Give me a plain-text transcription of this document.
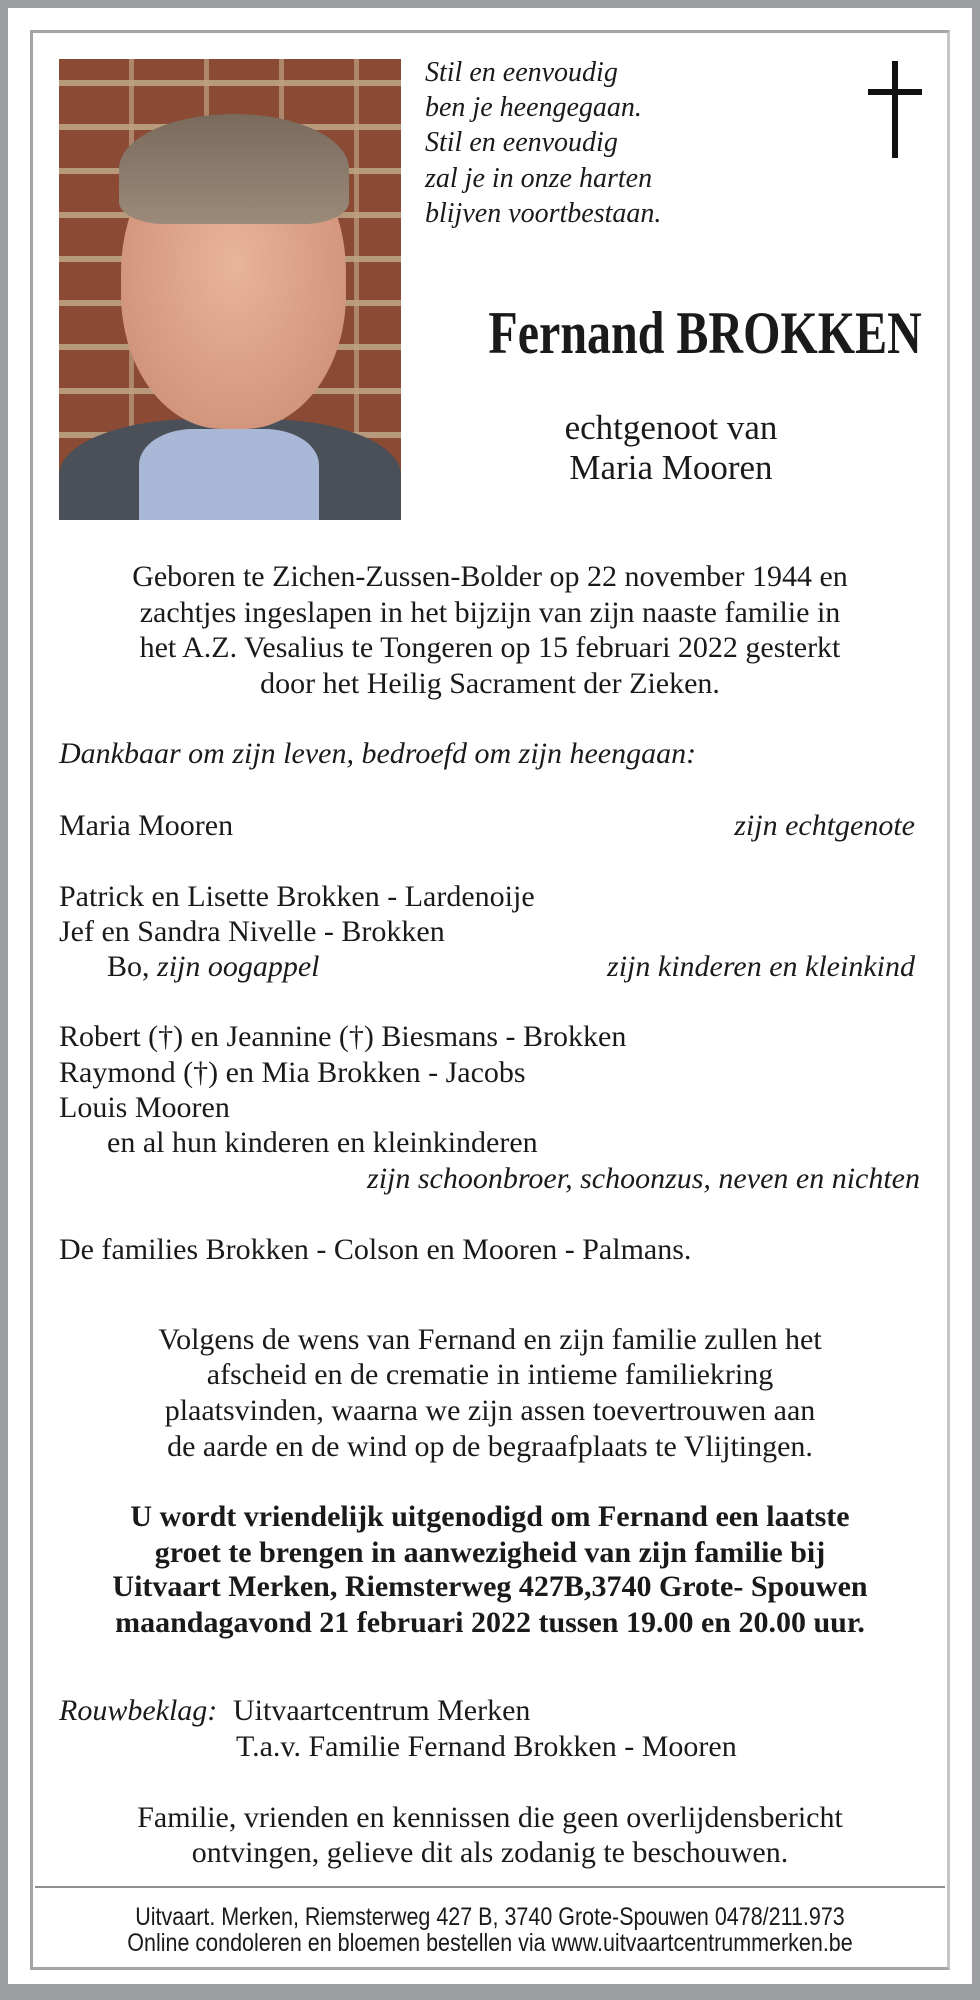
Stil en eenvoudig
ben je heengegaan.
Stil en eenvoudig
zal je in onze harten
blijven voortbestaan.
Fernand BROKKEN
echtgenoot van
Maria Mooren
Geboren te Zichen-Zussen-Bolder op 22 november 1944 en
zachtjes ingeslapen in het bijzijn van zijn naaste familie in
het A.Z. Vesalius te Tongeren op 15 februari 2022 gesterkt
door het Heilig Sacrament der Zieken.
Dankbaar om zijn leven, bedroefd om zijn heengaan:
Maria Mooren	zijn echtgenote
Patrick en Lisette Brokken - Lardenoije
Jef en Sandra Nivelle - Brokken
Bo, zijn oogappel	zijn kinderen en kleinkind
Robert (†) en Jeannine (†) Biesmans - Brokken
Raymond (†) en Mia Brokken - Jacobs
Louis Mooren
en al hun kinderen en kleinkinderen
zijn schoonbroer, schoonzus, neven en nichten
De families Brokken - Colson en Mooren - Palmans.
Volgens de wens van Fernand en zijn familie zullen het
afscheid en de crematie in intieme familiekring
plaatsvinden, waarna we zijn assen toevertrouwen aan
de aarde en de wind op de begraafplaats te Vlijtingen.
U wordt vriendelijk uitgenodigd om Fernand een laatste
groet te brengen in aanwezigheid van zijn familie bij
Uitvaart Merken, Riemsterweg 427B,3740 Grote- Spouwen
maandagavond 21 februari 2022 tussen 19.00 en 20.00 uur.
Rouwbeklag: Uitvaartcentrum Merken
T.a.v. Familie Fernand Brokken - Mooren
Familie, vrienden en kennissen die geen overlijdensbericht
ontvingen, gelieve dit als zodanig te beschouwen.
Uitvaart. Merken, Riemsterweg 427 B, 3740 Grote-Spouwen 0478/211.973
Online condoleren en bloemen bestellen via www.uitvaartcentrummerken.be
